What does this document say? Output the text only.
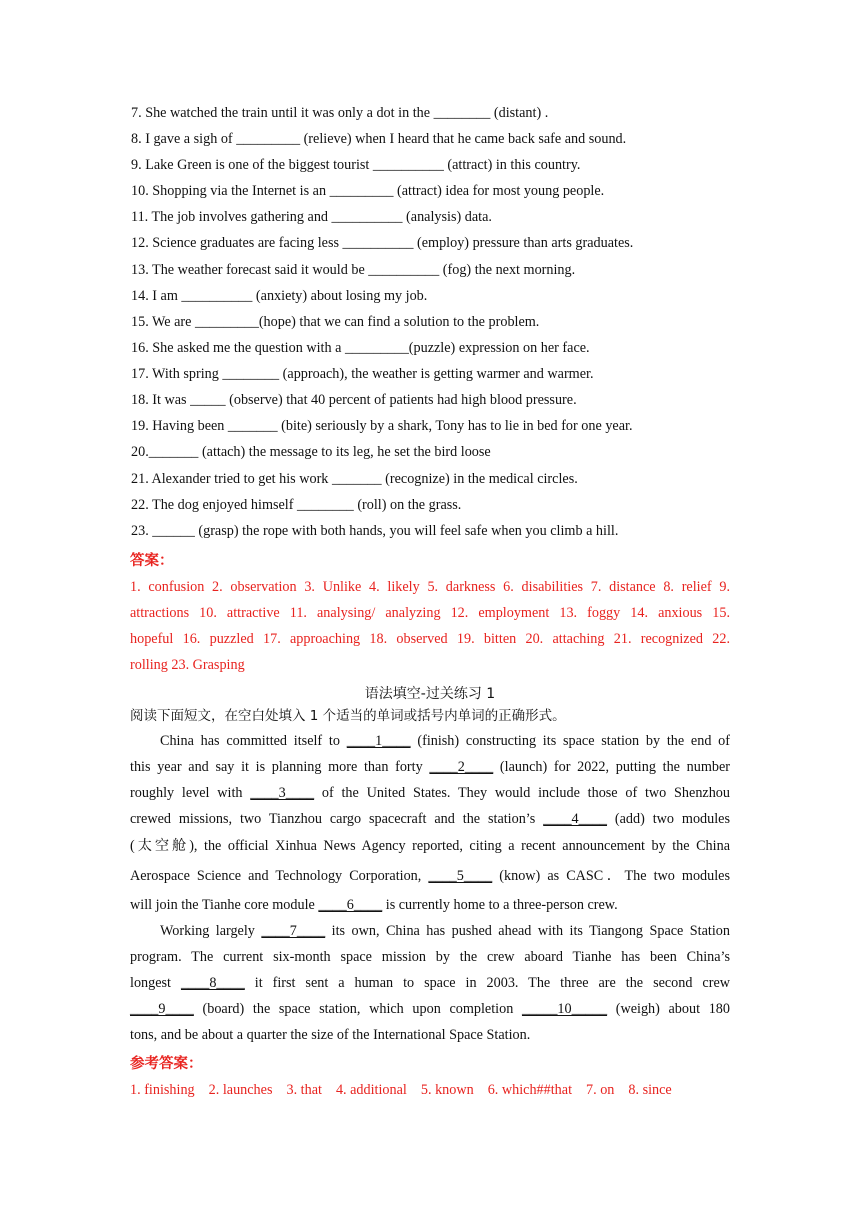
7. She watched the train until it was only a dot in the ________ (distant) .
8. I gave a sigh of _________ (relieve) when I heard that he came back safe and sound.
9. Lake Green is one of the biggest tourist __________ (attract) in this country.
10. Shopping via the Internet is an _________ (attract) idea for most young people.
11. The job involves gathering and __________ (analysis) data.
12. Science graduates are facing less __________ (employ) pressure than arts graduates.
13. The weather forecast said it would be __________ (fog) the next morning.
14. I am __________ (anxiety) about losing my job.
15. We are _________(hope) that we can find a solution to the problem.
16. She asked me the question with a _________(puzzle) expression on her face.
17. With spring ________ (approach), the weather is getting warmer and warmer.
18. It was _____ (observe) that 40 percent of patients had high blood pressure.
19. Having been _______ (bite) seriously by a shark, Tony has to lie in bed for one year.
20._______ (attach) the message to its leg, he set the bird loose
21. Alexander tried to get his work _______ (recognize) in the medical circles.
22. The dog enjoyed himself ________ (roll) on the grass.
23. ______ (grasp) the rope with both hands, you will feel safe when you climb a hill.
答案：
1. confusion 2. observation 3. Unlike 4. likely 5. darkness 6. disabilities 7. distance 8. relief 9.
attractions 10. attractive 11. analysing/ analyzing 12. employment 13. foggy 14. anxious 15.
hopeful 16. puzzled 17. approaching 18. observed 19. bitten 20. attaching 21. recognized 22.
rolling 23. Grasping
语法填空-过关练习 1
阅读下面短文，在空白处填入 1 个适当的单词或括号内单词的正确形式。
China has committed itself to ____1____ (finish) constructing its space station by the end of
this year and say it is planning more than forty ____2____ (launch) for 2022, putting the number
roughly level with ____3____ of the United States. They would include those of two Shenzhou
crewed missions, two Tianzhou cargo spacecraft and the station’s ____4____ (add) two modules
(太空舱), the official Xinhua News Agency reported, citing a recent announcement by the China
Aerospace Science and Technology Corporation, ____5____ (know) as CASC．The two modules
will join the Tianhe core module ____6____ is currently home to a three-person crew.
Working largely ____7____ its own, China has pushed ahead with its Tiangong Space Station
program. The current six-month space mission by the crew aboard Tianhe has been China’s
longest ____8____ it first sent a human to space in 2003. The three are the second crew
____9____ (board) the space station, which upon completion _____10_____ (weigh) about 180
tons, and be about a quarter the size of the International Space Station.
参考答案：
1. finishing 2. launches 3. that 4. additional 5. known 6. which##that 7. on 8. since
